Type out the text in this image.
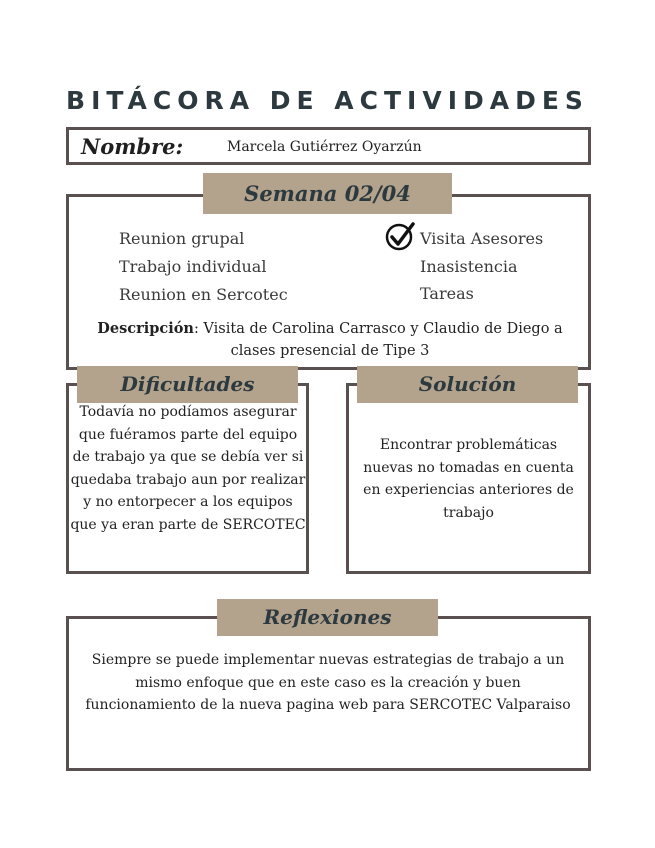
BITÁCORA DE ACTIVIDADES
Nombre:	Marcela Gutiérrez Oyarzún
Semana 02/04
Reunion grupal
Trabajo individual
Reunion en Sercotec
Visita Asesores
Inasistencia
Tareas
Descripción: Visita de Carolina Carrasco y Claudio de Diego a clases presencial de Tipe 3
Dificultades
Todavía no podíamos asegurar que fuéramos parte del equipo de trabajo ya que se debía ver si quedaba trabajo aun por realizar y no entorpecer a los equipos que ya eran parte de SERCOTEC
Solución
Encontrar problemáticas nuevas no tomadas en cuenta en experiencias anteriores de trabajo
Reflexiones
Siempre se puede implementar nuevas estrategias de trabajo a un mismo enfoque que en este caso es la creación y buen funcionamiento de la nueva pagina web para SERCOTEC Valparaiso
